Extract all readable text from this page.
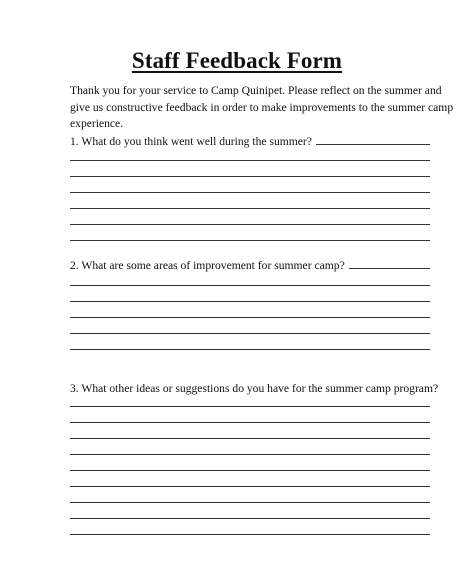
Staff Feedback Form
Thank you for your service to Camp Quinipet. Please reflect on the summer and
give us constructive feedback in order to make improvements to the summer camp
experience.
1. What do you think went well during the summer?
2. What are some areas of improvement for summer camp?
3. What other ideas or suggestions do you have for the summer camp program?
